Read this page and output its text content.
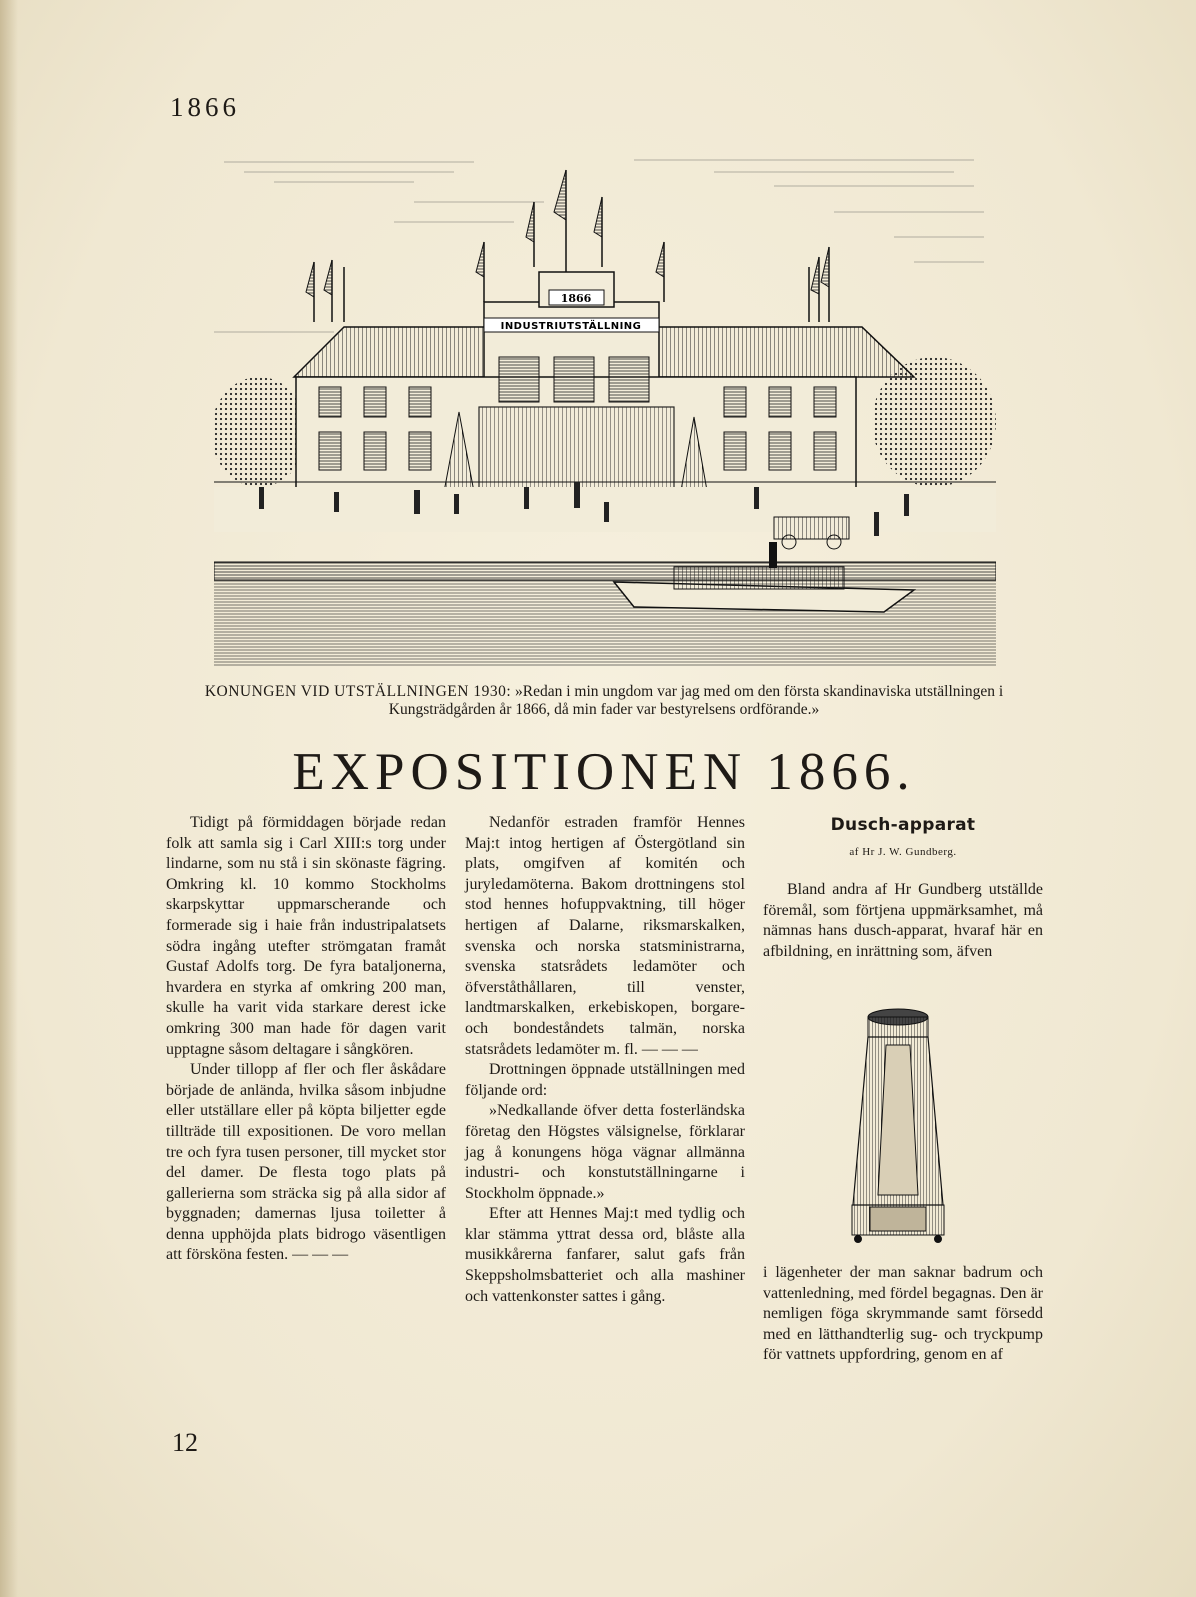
1866
1866
INDUSTRIUTSTÄLLNING
KONUNGEN VID UTSTÄLLNINGEN 1930: »Redan i min ungdom var jag med om den första skandinaviska utställningen i Kungsträdgården år 1866, då min fader var bestyrelsens ordförande.»
EXPOSITIONEN 1866.

Tidigt på förmiddagen började redan folk att samla sig i Carl XIII:s torg under lindarne, som nu stå i sin skönaste fägring. Omkring kl. 10 kommo Stockholms skarpskyttar uppmarscherande och formerade sig i haie från industripalatsets södra ingång utefter strömgatan framåt Gustaf Adolfs torg. De fyra bataljonerna, hvardera en styrka af omkring 200 man, skulle ha varit vida starkare derest icke omkring 300 man hade för dagen varit upptagne såsom deltagare i sångkören.

Under tillopp af fler och fler åskådare började de anlända, hvilka såsom inbjudne eller utställare eller på köpta biljetter egde tillträde till expositionen. De voro mellan tre och fyra tusen personer, till mycket stor del damer. De flesta togo plats på gallerierna som sträcka sig på alla sidor af byggnaden; damernas ljusa toiletter å denna upphöjda plats bidrogo väsentligen att försköna festen. — — —

Nedanför estraden framför Hennes Maj:t intog hertigen af Östergötland sin plats, omgifven af komitén och juryledamöterna. Bakom drottningens stol stod hennes hofuppvaktning, till höger hertigen af Dalarne, riksmarskalken, svenska och norska statsministrarna, svenska statsrådets ledamöter och öfverståthållaren, till venster, landtmarskalken, erkebiskopen, borgare- och bondeståndets talmän, norska statsrådets ledamöter m. fl. — — —

Drottningen öppnade utställningen med följande ord:

»Nedkallande öfver detta fosterländska företag den Högstes välsignelse, förklarar jag å konungens höga vägnar allmänna industri- och konstutställningarne i Stockholm öppnade.»

Efter att Hennes Maj:t med tydlig och klar stämma yttrat dessa ord, blåste alla musikkårerna fanfarer, salut gafs från Skeppsholmsbatteriet och alla mashiner och vattenkonster sattes i gång.

Dusch-apparat
af Hr J. W. Gundberg.

Bland andra af Hr Gundberg utställde föremål, som förtjena uppmärksamhet, må nämnas hans dusch-apparat, hvaraf här en afbildning, en inrättning som, äfven

i lägenheter der man saknar badrum och vattenledning, med fördel begagnas. Den är nemligen föga skrymmande samt försedd med en lätthandterlig sug- och tryckpump för vattnets uppfordring, genom en af

12
